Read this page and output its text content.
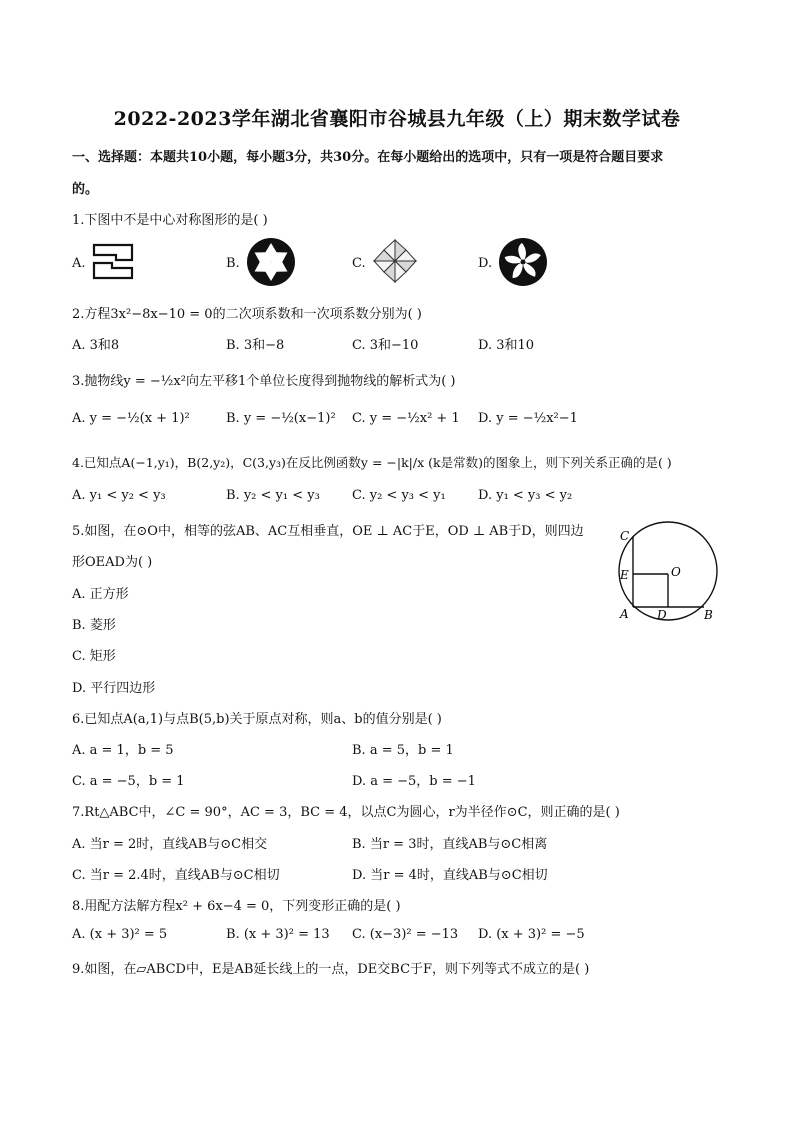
2022-2023学年湖北省襄阳市谷城县九年级（上）期末数学试卷
一、选择题：本题共10小题，每小题3分，共30分。在每小题给出的选项中，只有一项是符合题目要求
的。
1.下图中不是中心对称图形的是( )
A.	B.	C.	D.
2.方程3x²−8x−10 = 0的二次项系数和一次项系数分别为( )
A. 3和8	B. 3和−8	C. 3和−10	D. 3和10
3.抛物线y = −½x²向左平移1个单位长度得到抛物线的解析式为( )
A. y = −½(x + 1)²	B. y = −½(x−1)² C. y = −½x² + 1 D. y = −½x²−1
4.已知点A(−1,y₁)，B(2,y₂)，C(3,y₃)在反比例函数y = −|k|/x (k是常数)的图象上，则下列关系正确的是( )
A. y₁ < y₂ < y₃	B. y₂ < y₁ < y₃ C. y₂ < y₃ < y₁ D. y₁ < y₃ < y₂
5.如图，在⊙O中，相等的弦AB、AC互相垂直，OE ⊥ AC于E，OD ⊥ AB于D，则四边
形OEAD为( )
A. 正方形
B. 菱形
C. 矩形
D. 平行四边形
C
E	O
A D	B
6.已知点A(a,1)与点B(5,b)关于原点对称，则a、b的值分别是( )
A. a = 1，b = 5	B. a = 5，b = 1
C. a = −5，b = 1	D. a = −5，b = −1
7.Rt△ABC中，∠C = 90°，AC = 3，BC = 4，以点C为圆心，r为半径作⊙C，则正确的是( )
A. 当r = 2时，直线AB与⊙C相交	B. 当r = 3时，直线AB与⊙C相离
C. 当r = 2.4时，直线AB与⊙C相切	D. 当r = 4时，直线AB与⊙C相切
8.用配方法解方程x² + 6x−4 = 0，下列变形正确的是( )
A. (x + 3)² = 5	B. (x + 3)² = 13 C. (x−3)² = −13 D. (x + 3)² = −5
9.如图，在▱ABCD中，E是AB延长线上的一点，DE交BC于F，则下列等式不成立的是( )
